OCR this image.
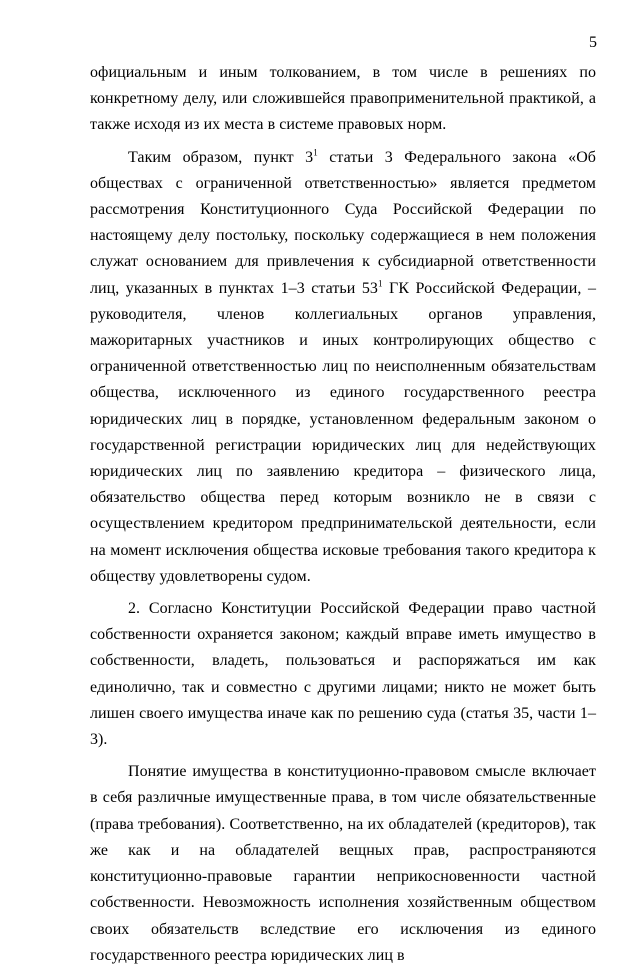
5

официальным и иным толкованием, в том числе в решениях по конкретному делу, или сложившейся правоприменительной практикой, а также исходя из их места в системе правовых норм.

Таким образом, пункт $3^1$ статьи 3 Федерального закона «Об обществах с ограниченной ответственностью» является предметом рассмотрения Конституционного Суда Российской Федерации по настоящему делу постольку, поскольку содержащиеся в нем положения служат основанием для привлечения к субсидиарной ответственности лиц, указанных в пунктах 1–3 статьи $53^1$ ГК Российской Федерации, – руководителя, членов коллегиальных органов управления, мажоритарных участников и иных контролирующих общество с ограниченной ответственностью лиц по неисполненным обязательствам общества, исключенного из единого государственного реестра юридических лиц в порядке, установленном федеральным законом о государственной регистрации юридических лиц для недействующих юридических лиц по заявлению кредитора – физического лица, обязательство общества перед которым возникло не в связи с осуществлением кредитором предпринимательской деятельности, если на момент исключения общества исковые требования такого кредитора к обществу удовлетворены судом.

2. Согласно Конституции Российской Федерации право частной собственности охраняется законом; каждый вправе иметь имущество в собственности, владеть, пользоваться и распоряжаться им как единолично, так и совместно с другими лицами; никто не может быть лишен своего имущества иначе как по решению суда (статья 35, части 1–3).

Понятие имущества в конституционно-правовом смысле включает в себя различные имущественные права, в том числе обязательственные (права требования). Соответственно, на их обладателей (кредиторов), так же как и на обладателей вещных прав, распространяются конституционно-правовые гарантии неприкосновенности частной собственности. Невозможность исполнения хозяйственным обществом своих обязательств вследствие его исключения из единого государственного реестра юридических лиц в
